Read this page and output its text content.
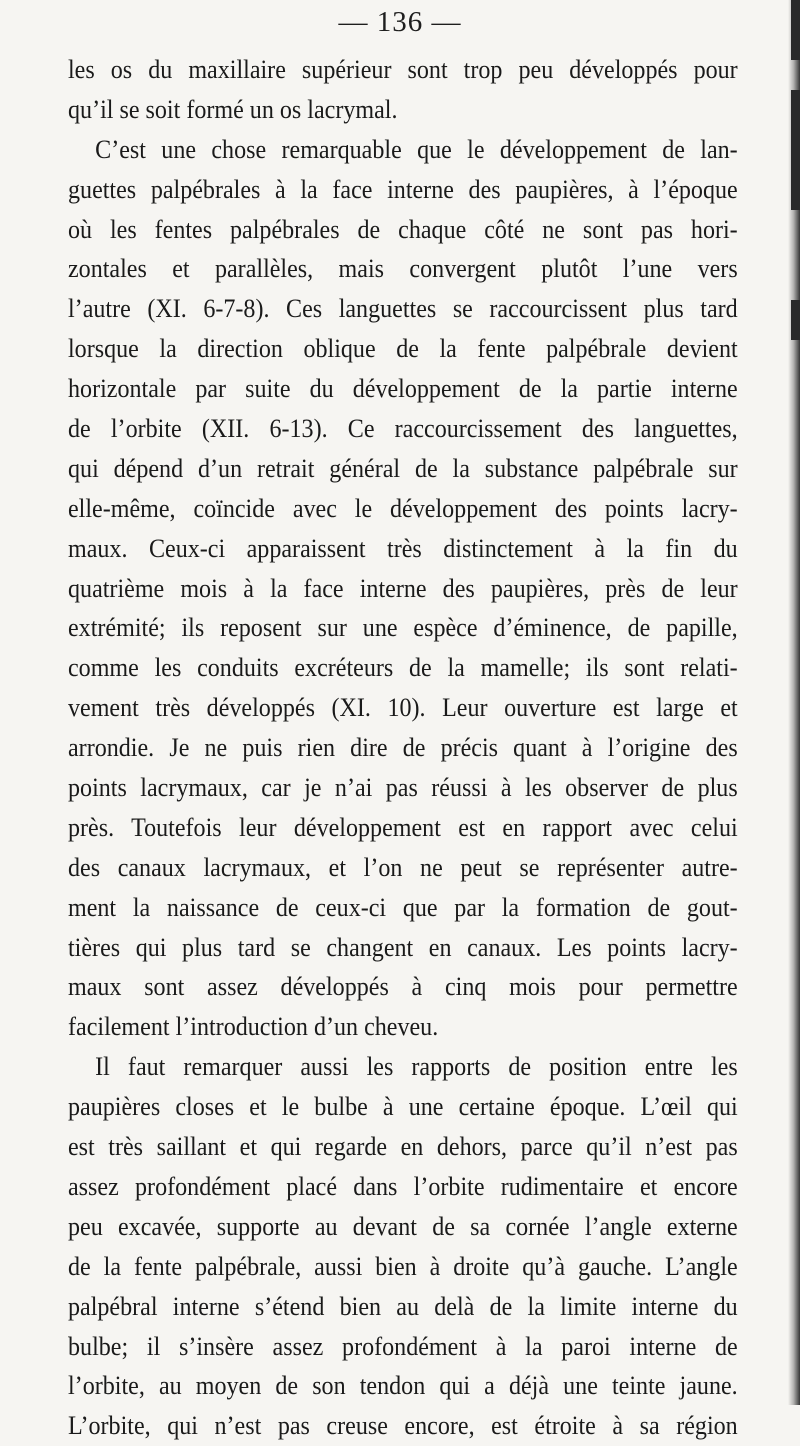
— 136 —
les os du maxillaire supérieur sont trop peu développés pour
qu’il se soit formé un os lacrymal.
C’est une chose remarquable que le développement de lan-
guettes palpébrales à la face interne des paupières, à l’époque
où les fentes palpébrales de chaque côté ne sont pas hori-
zontales et parallèles, mais convergent plutôt l’une vers
l’autre (XI. 6-7-8). Ces languettes se raccourcissent plus tard
lorsque la direction oblique de la fente palpébrale devient
horizontale par suite du développement de la partie interne
de l’orbite (XII. 6-13). Ce raccourcissement des languettes,
qui dépend d’un retrait général de la substance palpébrale sur
elle-même, coïncide avec le développement des points lacry-
maux. Ceux-ci apparaissent très distinctement à la fin du
quatrième mois à la face interne des paupières, près de leur
extrémité; ils reposent sur une espèce d’éminence, de papille,
comme les conduits excréteurs de la mamelle; ils sont relati-
vement très développés (XI. 10). Leur ouverture est large et
arrondie. Je ne puis rien dire de précis quant à l’origine des
points lacrymaux, car je n’ai pas réussi à les observer de plus
près. Toutefois leur développement est en rapport avec celui
des canaux lacrymaux, et l’on ne peut se représenter autre-
ment la naissance de ceux-ci que par la formation de gout-
tières qui plus tard se changent en canaux. Les points lacry-
maux sont assez développés à cinq mois pour permettre
facilement l’introduction d’un cheveu.
Il faut remarquer aussi les rapports de position entre les
paupières closes et le bulbe à une certaine époque. L’œil qui
est très saillant et qui regarde en dehors, parce qu’il n’est pas
assez profondément placé dans l’orbite rudimentaire et encore
peu excavée, supporte au devant de sa cornée l’angle externe
de la fente palpébrale, aussi bien à droite qu’à gauche. L’angle
palpébral interne s’étend bien au delà de la limite interne du
bulbe; il s’insère assez profondément à la paroi interne de
l’orbite, au moyen de son tendon qui a déjà une teinte jaune.
L’orbite, qui n’est pas creuse encore, est étroite à sa région
